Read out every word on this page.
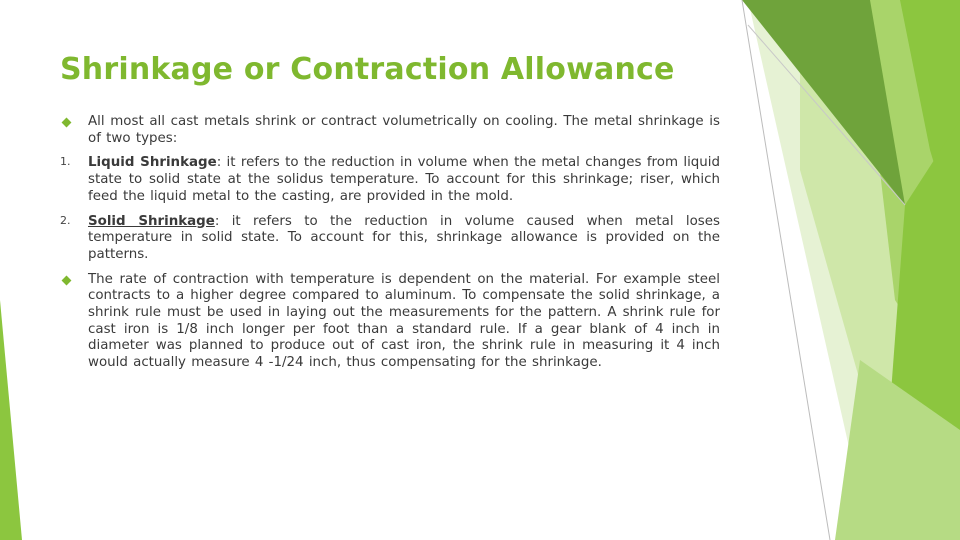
Shrinkage or Contraction Allowance
All most all cast metals shrink or contract volumetrically on cooling. The metal shrinkage is of two types:
1. Liquid Shrinkage: it refers to the reduction in volume when the metal changes from liquid state to solid state at the solidus temperature. To account for this shrinkage; riser, which feed the liquid metal to the casting, are provided in the mold.
2. Solid Shrinkage: it refers to the reduction in volume caused when metal loses temperature in solid state. To account for this, shrinkage allowance is provided on the patterns.
The rate of contraction with temperature is dependent on the material. For example steel contracts to a higher degree compared to aluminum. To compensate the solid shrinkage, a shrink rule must be used in laying out the measurements for the pattern. A shrink rule for cast iron is 1/8 inch longer per foot than a standard rule. If a gear blank of 4 inch in diameter was planned to produce out of cast iron, the shrink rule in measuring it 4 inch would actually measure 4 -1/24 inch, thus compensating for the shrinkage.
